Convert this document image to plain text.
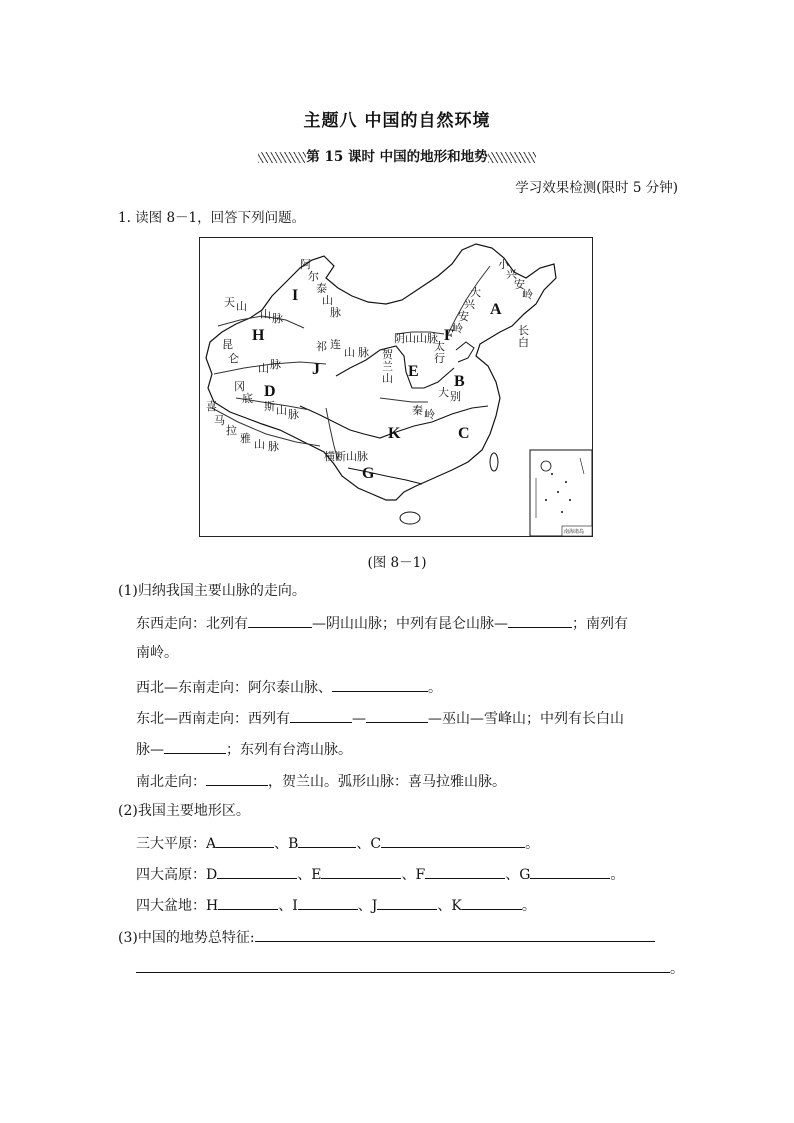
主题八 中国的自然环境
第 15 课时 中国的地形和地势
学习效果检测(限时 5 分钟)
1. 读图 8－1，回答下列问题。
南海诸岛
A
B
C
D
E
F
G
H
I
J
K
阿
尔
泰
山
脉
天 山
山 脉
阴山山脉
祁 连
山 脉
昆
仑
山 脉
冈
底
斯 山 脉
喜
马
拉
雅 山 脉
横断山脉
秦 岭
太
行
贺
兰
山
大
兴
安
岭
小
兴
安
岭
长
白
大 别
(图 8－1)
(1)归纳我国主要山脉的走向。
东西走向：北列有	—阴山山脉；中列有昆仑山脉—	；南列有
南岭。
西北—东南走向：阿尔泰山脉、	。
东北—西南走向：西列有	—	—巫山—雪峰山；中列有长白山
脉—	；东列有台湾山脉。
南北走向：	，贺兰山。弧形山脉：喜马拉雅山脉。
(2)我国主要地形区。
三大平原：A	、B	、C	。
四大高原：D	、E	、F	、G	。
四大盆地：H	、I	、J	、K	。
(3)中国的地势总特征:
。
